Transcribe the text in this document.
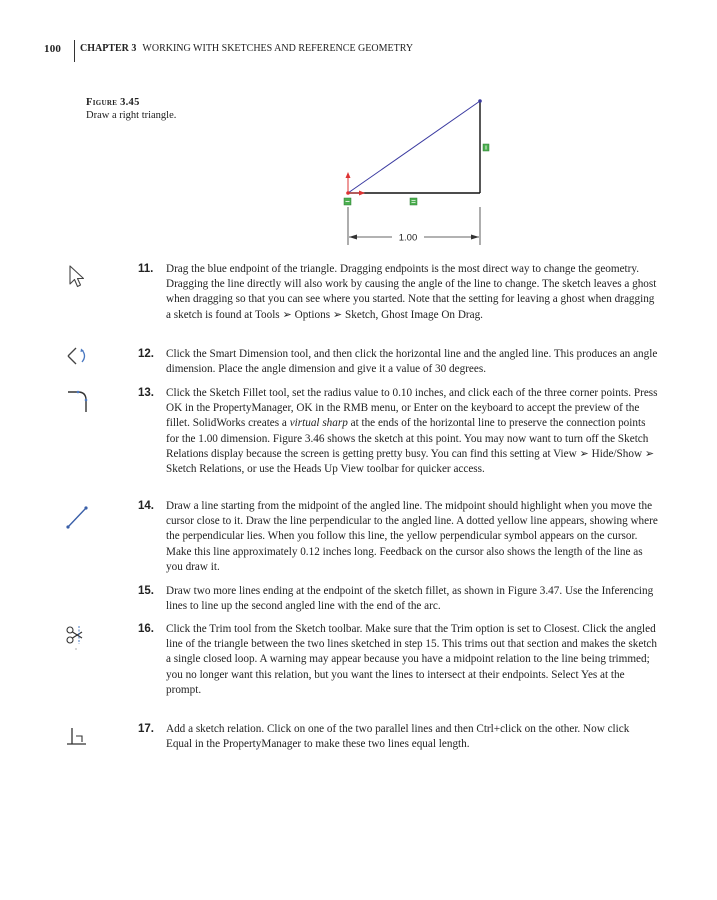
100 CHAPTER 3 WORKING WITH SKETCHES AND REFERENCE GEOMETRY
Figure 3.45
Draw a right triangle.
1.00
11. Drag the blue endpoint of the triangle. Dragging endpoints is the most direct way to change the geometry. Dragging the line directly will also work by causing the angle of the line to change. The sketch leaves a ghost when dragging so that you can see where you started. Note that the setting for leaving a ghost when dragging a sketch is found at Tools ➢ Options ➢ Sketch, Ghost Image On Drag.
12. Click the Smart Dimension tool, and then click the horizontal line and the angled line. This produces an angle dimension. Place the angle dimension and give it a value of 30 degrees.
13. Click the Sketch Fillet tool, set the radius value to 0.10 inches, and click each of the three corner points. Press OK in the PropertyManager, OK in the RMB menu, or Enter on the keyboard to accept the preview of the fillet. SolidWorks creates a virtual sharp at the ends of the horizontal line to preserve the connection points for the 1.00 dimension. Figure 3.46 shows the sketch at this point. You may now want to turn off the Sketch Relations display because the screen is getting pretty busy. You can find this setting at View ➢ Hide/Show ➢ Sketch Relations, or use the Heads Up View toolbar for quicker access.
14. Draw a line starting from the midpoint of the angled line. The midpoint should highlight when you move the cursor close to it. Draw the line perpendicular to the angled line. A dotted yellow line appears, showing where the perpendicular lies. When you follow this line, the yellow perpendicular symbol appears on the cursor. Make this line approximately 0.12 inches long. Feedback on the cursor also shows the length of the line as you draw it.
15. Draw two more lines ending at the endpoint of the sketch fillet, as shown in Figure 3.47. Use the Inferencing lines to line up the second angled line with the end of the arc.
16. Click the Trim tool from the Sketch toolbar. Make sure that the Trim option is set to Closest. Click the angled line of the triangle between the two lines sketched in step 15. This trims out that section and makes the sketch a single closed loop. A warning may appear because you have a midpoint relation to the line being trimmed; you no longer want this relation, but you want the lines to intersect at their endpoints. Select Yes at the prompt.
17. Add a sketch relation. Click on one of the two parallel lines and then Ctrl+click on the other. Now click Equal in the PropertyManager to make these two lines equal length.
